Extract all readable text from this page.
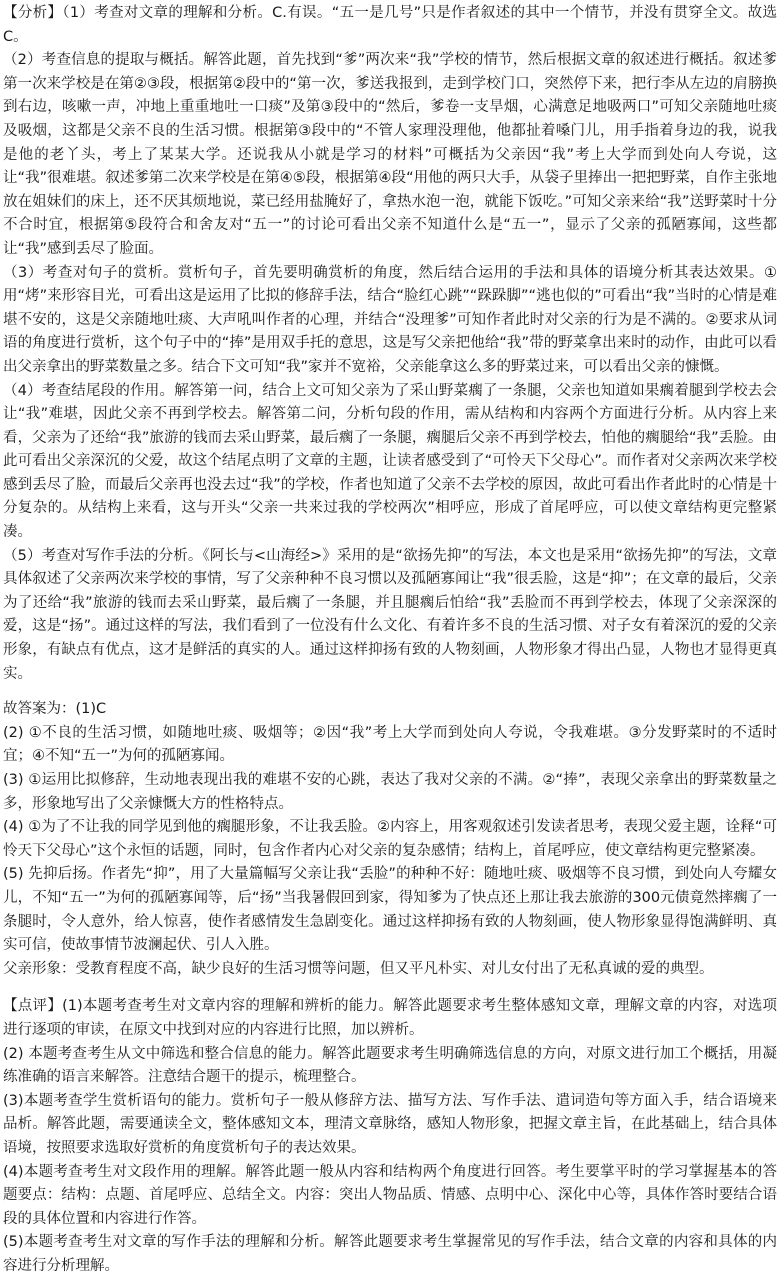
【分析】（1）考查对文章的理解和分析。C.有误。“五一是几号”只是作者叙述的其中一个情节，并没有贯穿全文。故选C。

（2）考查信息的提取与概括。解答此题，首先找到“爹”两次来“我”学校的情节，然后根据文章的叙述进行概括。叙述爹第一次来学校是在第②③段，根据第②段中的“第一次，爹送我报到，走到学校门口，突然停下来，把行李从左边的肩膀换到右边，咳嗽一声，冲地上重重地吐一口痰”及第③段中的“然后，爹卷一支旱烟，心满意足地吸两口”可知父亲随地吐痰及吸烟，这都是父亲不良的生活习惯。根据第③段中的“不管人家理没理他，他都扯着嗓门儿，用手指着身边的我，说我是他的老丫头，考上了某某大学。还说我从小就是学习的材料”可概括为父亲因“我”考上大学而到处向人夸说，这让“我”很难堪。叙述爹第二次来学校是在第④⑤段，根据第④段“用他的两只大手，从袋子里捧出一把把野菜，自作主张地放在姐妹们的床上，还不厌其烦地说，菜已经用盐腌好了，拿热水泡一泡，就能下饭吃。”可知父亲来给“我”送野菜时十分不合时宜，根据第⑤段符合和舍友对“五一”的讨论可看出父亲不知道什么是“五一”，显示了父亲的孤陋寡闻，这些都让“我”感到丢尽了脸面。

（3）考查对句子的赏析。赏析句子，首先要明确赏析的角度，然后结合运用的手法和具体的语境分析其表达效果。①用“烤”来形容目光，可看出这是运用了比拟的修辞手法，结合“脸红心跳”“跺跺脚”“逃也似的”可看出“我”当时的心情是难堪不安的，这是父亲随地吐痰、大声吼叫作者的心理，并结合“没理爹”可知作者此时对父亲的行为是不满的。②要求从词语的角度进行赏析，这个句子中的“捧”是用双手托的意思，这是写父亲把他给“我”带的野菜拿出来时的动作，由此可以看出父亲拿出的野菜数量之多。结合下文可知“我”家并不宽裕，父亲能拿这么多的野菜过来，可以看出父亲的慷慨。

（4）考查结尾段的作用。解答第一问，结合上文可知父亲为了采山野菜瘸了一条腿，父亲也知道如果瘸着腿到学校去会让“我”难堪，因此父亲不再到学校去。解答第二问，分析句段的作用，需从结构和内容两个方面进行分析。从内容上来看，父亲为了还给“我”旅游的钱而去采山野菜，最后瘸了一条腿，瘸腿后父亲不再到学校去，怕他的瘸腿给“我”丢脸。由此可看出父亲深沉的父爱，故这个结尾点明了文章的主题，让读者感受到了“可怜天下父母心”。而作者对父亲两次来学校感到丢尽了脸，而最后父亲再也没去过“我”的学校，作者也知道了父亲不去学校的原因，故此可看出作者此时的心情是十分复杂的。从结构上来看，这与开头“父亲一共来过我的学校两次”相呼应，形成了首尾呼应，可以使文章结构更完整紧凑。

（5）考查对写作手法的分析。《阿长与<山海经>》采用的是“欲扬先抑”的写法，本文也是采用“欲扬先抑”的写法，文章具体叙述了父亲两次来学校的事情，写了父亲种种不良习惯以及孤陋寡闻让“我”很丢脸，这是“抑”；在文章的最后，父亲为了还给“我”旅游的钱而去采山野菜，最后瘸了一条腿，并且腿瘸后怕给“我”丢脸而不再到学校去，体现了父亲深深的爱，这是“扬”。通过这样的写法，我们看到了一位没有什么文化、有着许多不良的生活习惯、对子女有着深沉的爱的父亲形象，有缺点有优点，这才是鲜活的真实的人。通过这样抑扬有致的人物刻画，人物形象才得出凸显，人物也才显得更真实。

故答案为：(1)C

(2) ①不良的生活习惯，如随地吐痰、吸烟等；②因“我”考上大学而到处向人夸说，令我难堪。③分发野菜时的不适时宜；④不知“五一”为何的孤陋寡闻。

(3) ①运用比拟修辞，生动地表现出我的难堪不安的心跳，表达了我对父亲的不满。②“捧”，表现父亲拿出的野菜数量之多，形象地写出了父亲慷慨大方的性格特点。

(4) ①为了不让我的同学见到他的瘸腿形象，不让我丢脸。②内容上，用客观叙述引发读者思考，表现父爱主题，诠释“可怜天下父母心”这个永恒的话题，同时，包含作者内心对父亲的复杂感情；结构上，首尾呼应，使文章结构更完整紧凑。

(5) 先抑后扬。作者先“抑”，用了大量篇幅写父亲让我“丢脸”的种种不好：随地吐痰、吸烟等不良习惯，到处向人夸耀女儿，不知“五一”为何的孤陋寡闻等，后“扬”当我暑假回到家，得知爹为了快点还上那让我去旅游的300元债竟然摔瘸了一条腿时，令人意外，给人惊喜，使作者感情发生急剧变化。通过这样抑扬有致的人物刻画，使人物形象显得饱满鲜明、真实可信，使故事情节波澜起伏、引人入胜。

父亲形象：受教育程度不高，缺少良好的生活习惯等问题，但又平凡朴实、对儿女付出了无私真诚的爱的典型。

【点评】(1)本题考查考生对文章内容的理解和辨析的能力。解答此题要求考生整体感知文章，理解文章的内容，对选项进行逐项的审读，在原文中找到对应的内容进行比照，加以辨析。

(2) 本题考查考生从文中筛选和整合信息的能力。解答此题要求考生明确筛选信息的方向，对原文进行加工个概括，用凝练准确的语言来解答。注意结合题干的提示，梳理整合。

(3)本题考查学生赏析语句的能力。赏析句子一般从修辞方法、描写方法、写作手法、遣词造句等方面入手，结合语境来品析。解答此题，需要通读全文，整体感知文本，理清文章脉络，感知人物形象，把握文章主旨，在此基础上，结合具体语境，按照要求选取好赏析的角度赏析句子的表达效果。

(4)本题考查考生对文段作用的理解。解答此题一般从内容和结构两个角度进行回答。考生要掌平时的学习掌握基本的答题要点：结构：点题、首尾呼应、总结全文。内容：突出人物品质、情感、点明中心、深化中心等，具体作答时要结合语段的具体位置和内容进行作答。

(5)本题考查考生对文章的写作手法的理解和分析。解答此题要求考生掌握常见的写作手法，结合文章的内容和具体的内容进行分析理解。
